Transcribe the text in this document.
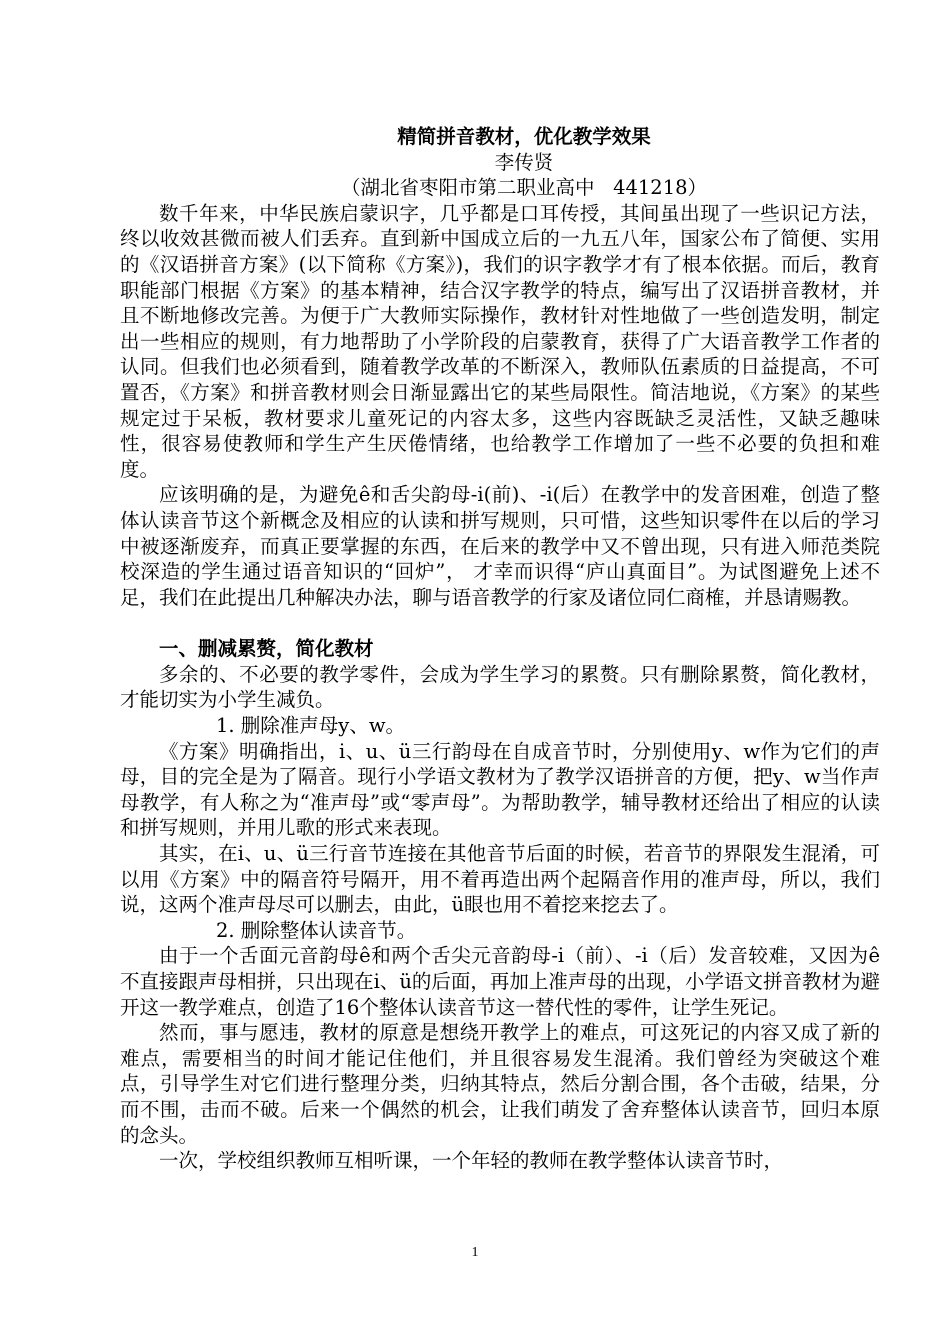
精简拼音教材，优化教学效果
李传贤
（湖北省枣阳市第二职业高中   441218）

数千年来，中华民族启蒙识字，几乎都是口耳传授，其间虽出现了一些识记方法，终以收效甚微而被人们丢弃。直到新中国成立后的一九五八年，国家公布了简便、实用的《汉语拼音方案》(以下简称《方案》)，我们的识字教学才有了根本依据。而后，教育职能部门根据《方案》的基本精神，结合汉字教学的特点，编写出了汉语拼音教材，并且不断地修改完善。为便于广大教师实际操作，教材针对性地做了一些创造发明，制定出一些相应的规则，有力地帮助了小学阶段的启蒙教育，获得了广大语音教学工作者的认同。但我们也必须看到，随着教学改革的不断深入，教师队伍素质的日益提高，不可置否，《方案》和拼音教材则会日渐显露出它的某些局限性。简洁地说，《方案》的某些规定过于呆板，教材要求儿童死记的内容太多，这些内容既缺乏灵活性，又缺乏趣味性，很容易使教师和学生产生厌倦情绪，也给教学工作增加了一些不必要的负担和难度。

应该明确的是，为避免ê和舌尖韵母-i(前)、-i(后）在教学中的发音困难，创造了整体认读音节这个新概念及相应的认读和拼写规则，只可惜，这些知识零件在以后的学习中被逐渐废弃，而真正要掌握的东西，在后来的教学中又不曾出现，只有进入师范类院校深造的学生通过语音知识的“回炉”， 才幸而识得“庐山真面目”。为试图避免上述不足，我们在此提出几种解决办法，聊与语音教学的行家及诸位同仁商榷，并恳请赐教。

一、删减累赘，简化教材

多余的、不必要的教学零件，会成为学生学习的累赘。只有删除累赘，简化教材，才能切实为小学生减负。

1. 删除准声母y、w。

《方案》明确指出，i、u、ü三行韵母在自成音节时，分别使用y、w作为它们的声母，目的完全是为了隔音。现行小学语文教材为了教学汉语拼音的方便，把y、w当作声母教学，有人称之为“准声母”或“零声母”。为帮助教学，辅导教材还给出了相应的认读和拼写规则，并用儿歌的形式来表现。

其实，在i、u、ü三行音节连接在其他音节后面的时候，若音节的界限发生混淆，可以用《方案》中的隔音符号隔开，用不着再造出两个起隔音作用的准声母，所以，我们说，这两个准声母尽可以删去，由此，ü眼也用不着挖来挖去了。

2. 删除整体认读音节。

由于一个舌面元音韵母ê和两个舌尖元音韵母-i（前）、-i（后）发音较难，又因为ê不直接跟声母相拼，只出现在i、ü的后面，再加上准声母的出现，小学语文拼音教材为避开这一教学难点，创造了16个整体认读音节这一替代性的零件，让学生死记。

然而，事与愿违，教材的原意是想绕开教学上的难点，可这死记的内容又成了新的难点，需要相当的时间才能记住他们，并且很容易发生混淆。我们曾经为突破这个难点，引导学生对它们进行整理分类，归纳其特点，然后分割合围，各个击破，结果，分而不围，击而不破。后来一个偶然的机会，让我们萌发了舍弃整体认读音节，回归本原的念头。

一次，学校组织教师互相听课，一个年轻的教师在教学整体认读音节时，

1
